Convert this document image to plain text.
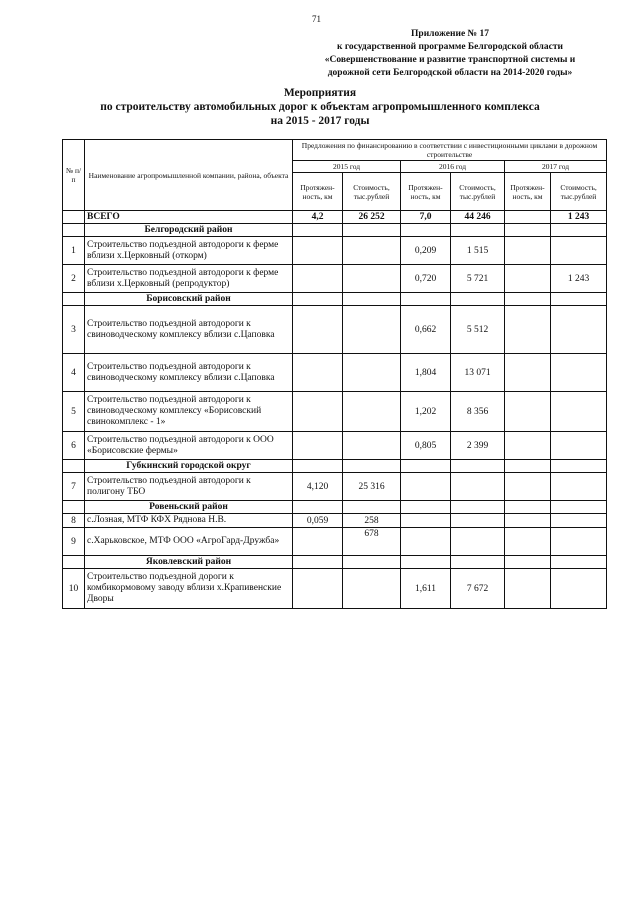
71
Приложение № 17
к государственной программе Белгородской области
«Совершенствование и развитие транспортной системы и
дорожной сети Белгородской области на 2014-2020 годы»
Мероприятия
по строительству автомобильных дорог к объектам агропромышленного комплекса
на 2015 - 2017 годы
№ п/п	Наименование агропромышленной компании, района, объекта	Предложения по финансированию в соответствии с инвестиционными циклами в дорожном строительстве					
		2015 год		2016 год		2017 год	
		Протяжен-ность, км	Стоимость, тыс.рублей	Протяжен-ность, км	Стоимость, тыс.рублей	Протяжен-ность, км	Стоимость, тыс.рублей
	ВСЕГО	4,2	26 252	7,0	44 246		1 243
	Белгородский район						
1	Строительство подъездной автодороги к ферме вблизи х.Церковный (откорм)			0,209	1 515		
2	Строительство подъездной автодороги к ферме вблизи х.Церковный (репродуктор)			0,720	5 721		1 243
	Борисовский район						
3	Строительство подъездной автодороги к свиноводческому комплексу вблизи с.Цаповка			0,662	5 512		
4	Строительство подъездной автодороги к свиноводческому комплексу вблизи с.Цаповка			1,804	13 071		
5	Строительство подъездной автодороги к свиноводческому комплексу «Борисовский свинокомплекс - 1»			1,202	8 356		
6	Строительство подъездной автодороги к ООО «Борисовские фермы»			0,805	2 399		
	Губкинский городской округ						
7	Строительство подъездной автодороги к полигону ТБО	4,120	25 316				
	Ровеньский район						
8	с.Лозная, МТФ КФХ Ряднова Н.В.	0,059	258				
9	с.Харьковское, МТФ ООО «АгроГард-Дружба»		678				
	Яковлевский район						
10	Строительство подъездной дороги к комбикормовому заводу вблизи х.Крапивенские Дворы			1,611	7 672		
